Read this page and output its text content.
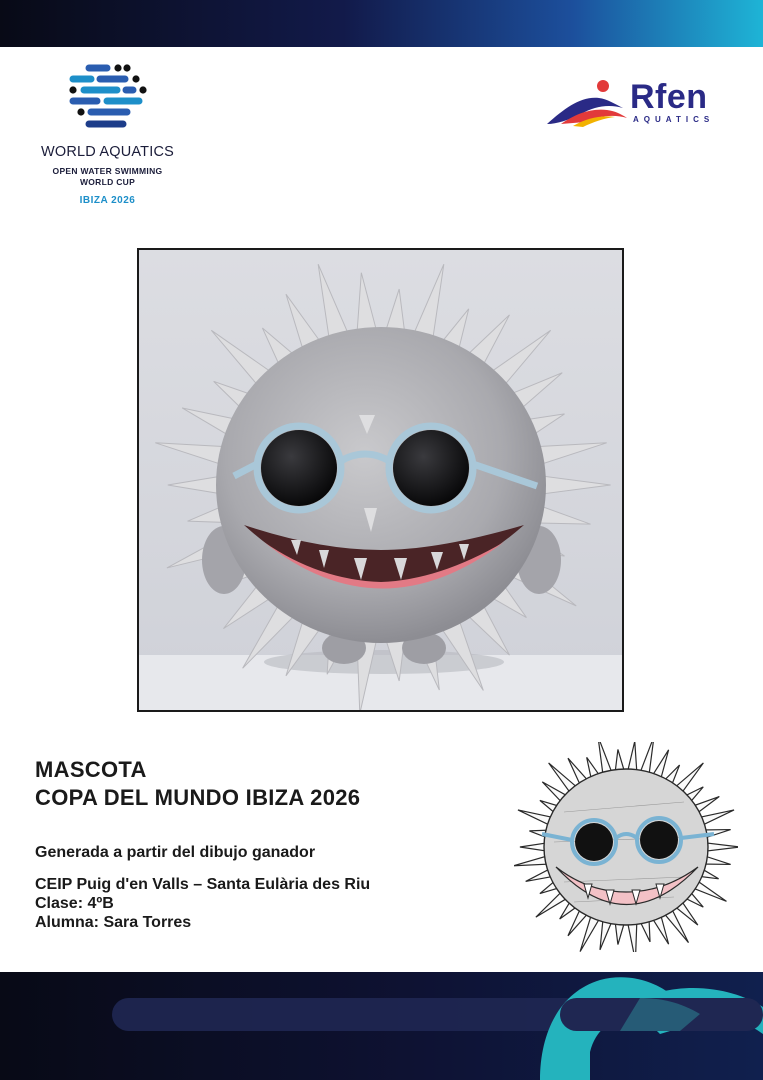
WORLD AQUATICS
OPEN WATER SWIMMING
WORLD CUP
IBIZA 2026
Rfen
AQUATICS
MASCOTA
COPA DEL MUNDO IBIZA 2026
Generada a partir del dibujo ganador
CEIP Puig d'en Valls – Santa Eulària des Riu
Clase: 4ºB
Alumna: Sara Torres
